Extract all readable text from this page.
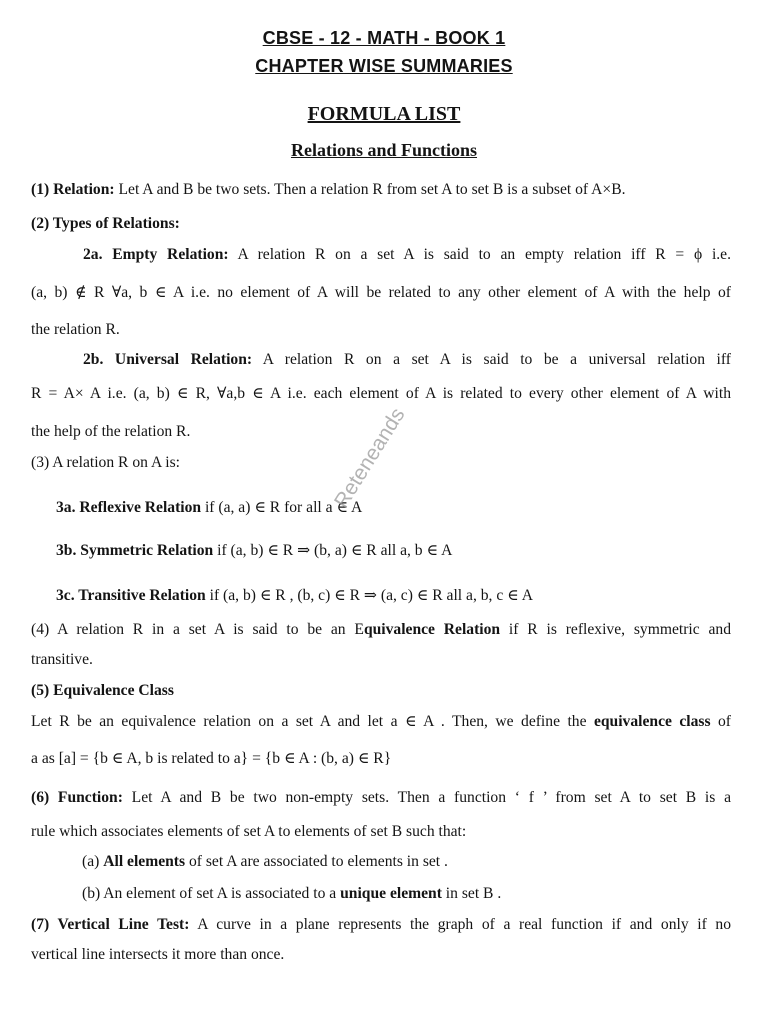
CBSE - 12 - MATH - BOOK 1
CHAPTER WISE SUMMARIES
FORMULA LIST
Relations and Functions
(1) Relation: Let A and B be two sets. Then a relation R from set A to set B is a subset of A×B.
(2) Types of Relations:
2a. Empty Relation: A relation R on a set A is said to an empty relation iff R = ϕ i.e.
(a, b) ∉ R ∀a, b ∈ A i.e. no element of A will be related to any other element of A with the help of
the relation R.
2b. Universal Relation: A relation R on a set A is said to be a universal relation iff
R = A× A i.e. (a, b) ∈ R, ∀a,b ∈ A i.e. each element of A is related to every other element of A with
the help of the relation R.
(3) A relation R on A is:
3a. Reflexive Relation if (a, a) ∈ R for all a ∈ A
3b. Symmetric Relation if (a, b) ∈ R ⇒ (b, a) ∈ R all a, b ∈ A
3c. Transitive Relation if (a, b) ∈ R , (b, c) ∈ R ⇒ (a, c) ∈ R all a, b, c ∈ A
(4) A relation R in a set A is said to be an Equivalence Relation if R is reflexive, symmetric and
transitive.
(5) Equivalence Class
Let R be an equivalence relation on a set A and let a ∈ A . Then, we define the equivalence class of
a as [a] = {b ∈ A, b is related to a} = {b ∈ A : (b, a) ∈ R}
(6) Function: Let A and B be two non-empty sets. Then a function ‘ f ’ from set A to set B is a
rule which associates elements of set A to elements of set B such that:
(a) All elements of set A are associated to elements in set .
(b) An element of set A is associated to a unique element in set B .
(7) Vertical Line Test: A curve in a plane represents the graph of a real function if and only if no
vertical line intersects it more than once.
Reteneands
